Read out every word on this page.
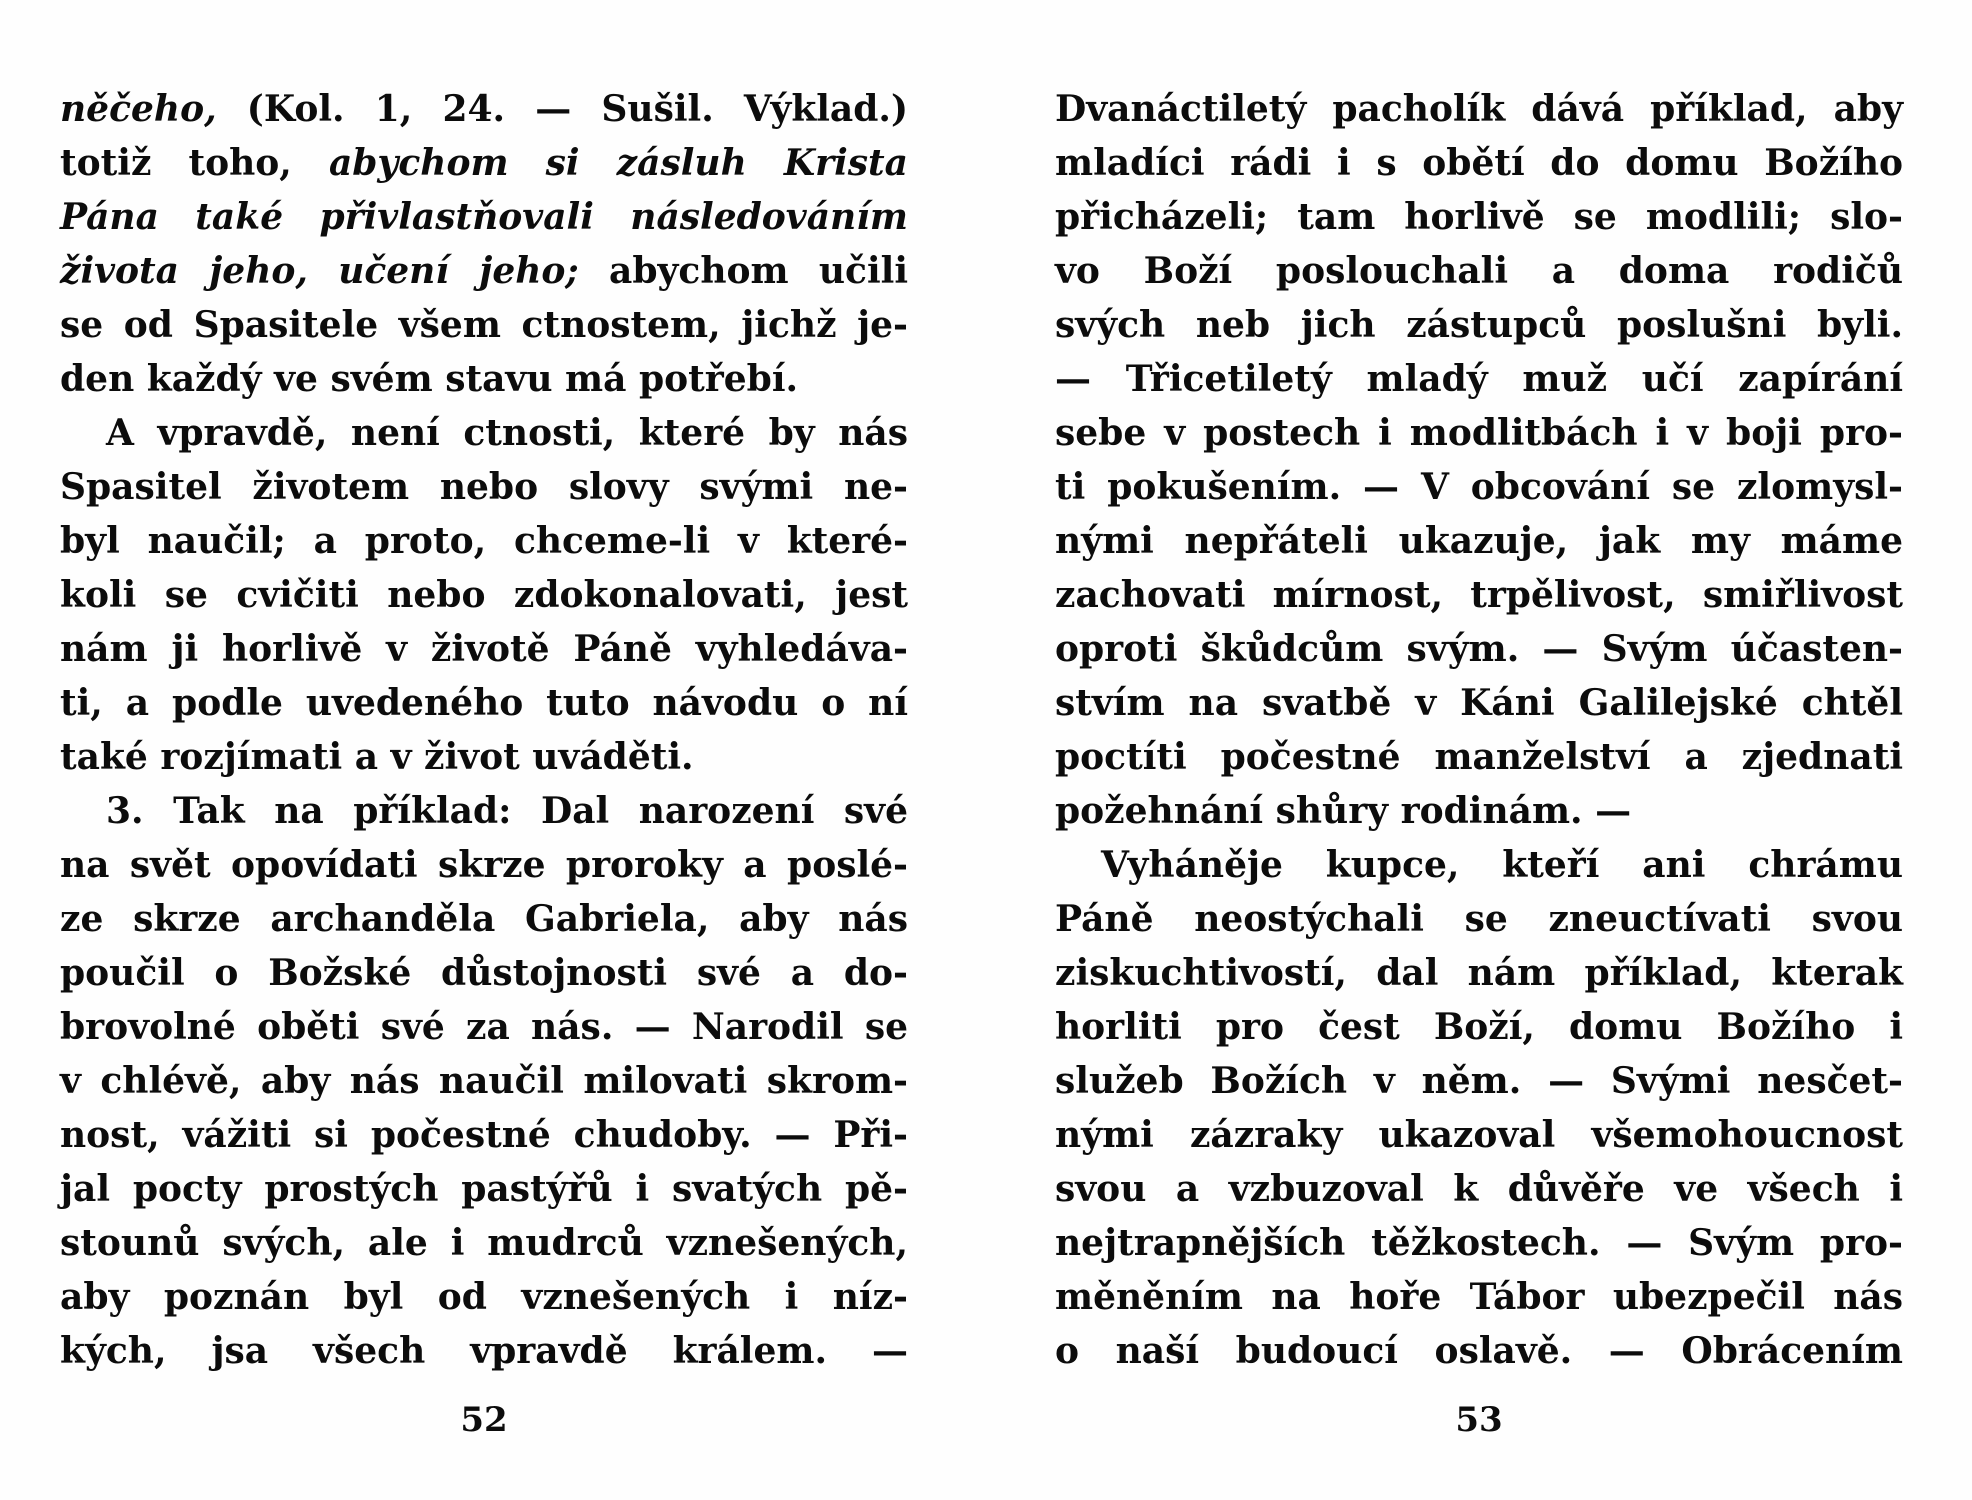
něčeho, (Kol. 1, 24. — Sušil. Výklad.)
totiž toho, abychom si zásluh Krista
Pána také přivlastňovali následováním
života jeho, učení jeho; abychom učili
se od Spasitele všem ctnostem, jichž je-
den každý ve svém stavu má potřebí.
A vpravdě, není ctnosti, které by nás
Spasitel životem nebo slovy svými ne-
byl naučil; a proto, chceme-li v které-
koli se cvičiti nebo zdokonalovati, jest
nám ji horlivě v životě Páně vyhledáva-
ti, a podle uvedeného tuto návodu o ní
také rozjímati a v život uváděti.
3. Tak na příklad: Dal narození své
na svět opovídati skrze proroky a poslé-
ze skrze archanděla Gabriela, aby nás
poučil o Božské důstojnosti své a do-
brovolné oběti své za nás. — Narodil se
v chlévě, aby nás naučil milovati skrom-
nost, vážiti si počestné chudoby. — Při-
jal pocty prostých pastýřů i svatých pě-
stounů svých, ale i mudrců vznešených,
aby poznán byl od vznešených i níz-
kých, jsa všech vpravdě králem. —
52
Dvanáctiletý pacholík dává příklad, aby
mladíci rádi i s obětí do domu Božího
přicházeli; tam horlivě se modlili; slo-
vo Boží poslouchali a doma rodičů
svých neb jich zástupců poslušni byli.
— Třicetiletý mladý muž učí zapírání
sebe v postech i modlitbách i v boji pro-
ti pokušením. — V obcování se zlomysl-
nými nepřáteli ukazuje, jak my máme
zachovati mírnost, trpělivost, smiřlivost
oproti škůdcům svým. — Svým účasten-
stvím na svatbě v Káni Galilejské chtěl
poctíti počestné manželství a zjednati
požehnání shůry rodinám. —
Vyháněje kupce, kteří ani chrámu
Páně neostýchali se zneuctívati svou
ziskuchtivostí, dal nám příklad, kterak
horliti pro čest Boží, domu Božího i
služeb Božích v něm. — Svými nesčet-
nými zázraky ukazoval všemohoucnost
svou a vzbuzoval k důvěře ve všech i
nejtrapnějších těžkostech. — Svým pro-
měněním na hoře Tábor ubezpečil nás
o naší budoucí oslavě. — Obrácením
53
